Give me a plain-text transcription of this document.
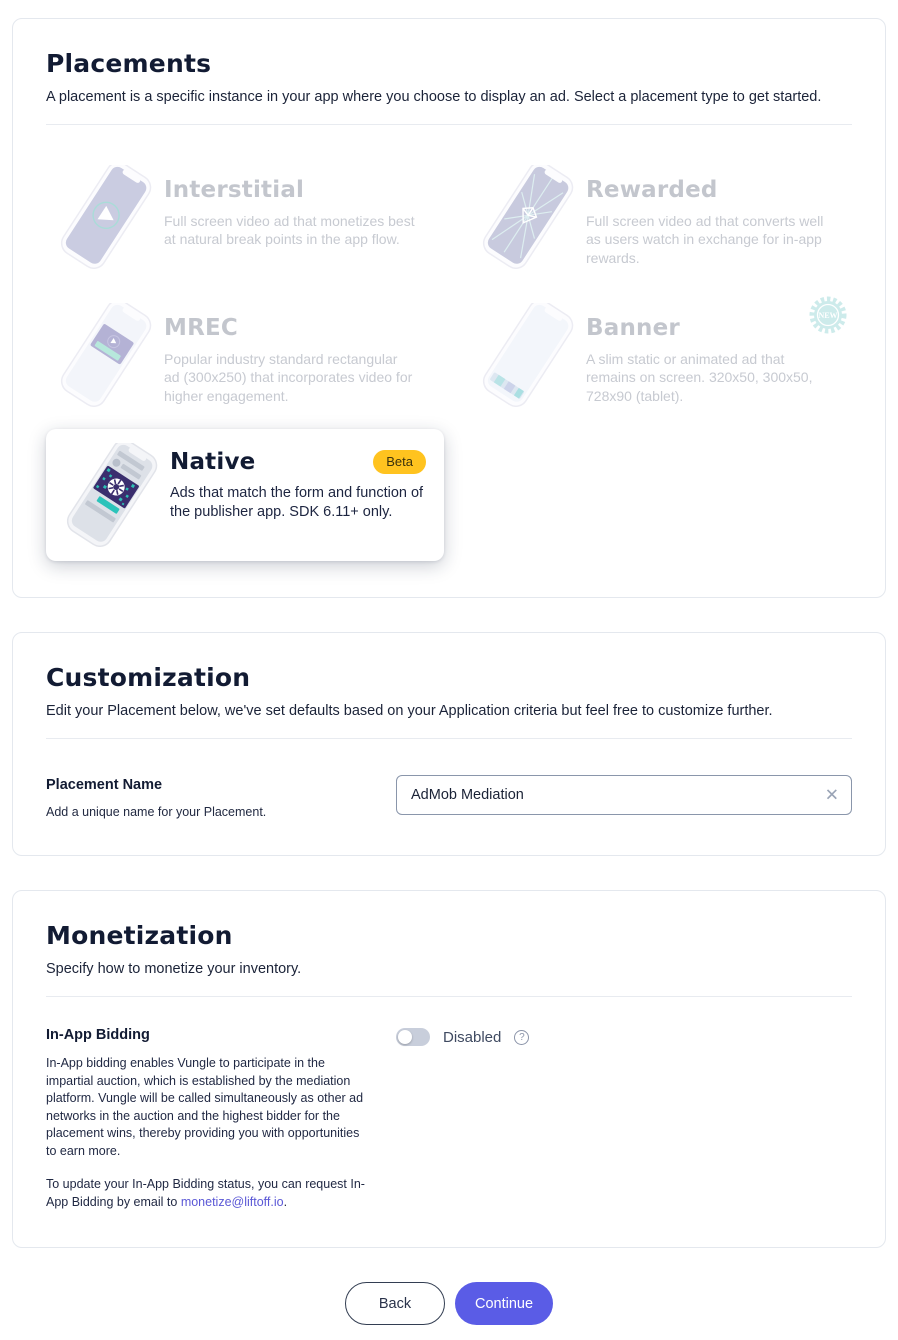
Placements

A placement is a specific instance in your app where you choose to display an ad. Select a placement type to get started.

Interstitial
Full screen video ad that monetizes best at natural break points in the app flow.
Rewarded
Full screen video ad that converts well as users watch in exchange for in-app rewards.
MREC
Popular industry standard rectangular ad (300x250) that incorporates video for higher engagement.
Banner
A slim static or animated ad that remains on screen. 320x50, 300x50, 728x90 (tablet).
NEW
Native	Beta
Ads that match the form and function of the publisher app. SDK 6.11+ only.
Customization

Edit your Placement below, we've set defaults based on your Application criteria but feel free to customize further.

Placement Name
Add a unique name for your Placement.
AdMob Mediation
✕
Monetization

Specify how to monetize your inventory.

In-App Bidding

In-App bidding enables Vungle to participate in the impartial auction, which is established by the mediation platform. Vungle will be called simultaneously as other ad networks in the auction and the highest bidder for the placement wins, thereby providing you with opportunities to earn more.

To update your In-App Bidding status, you can request In-App Bidding by email to monetize@liftoff.io.

Disabled	?
Back	Continue
